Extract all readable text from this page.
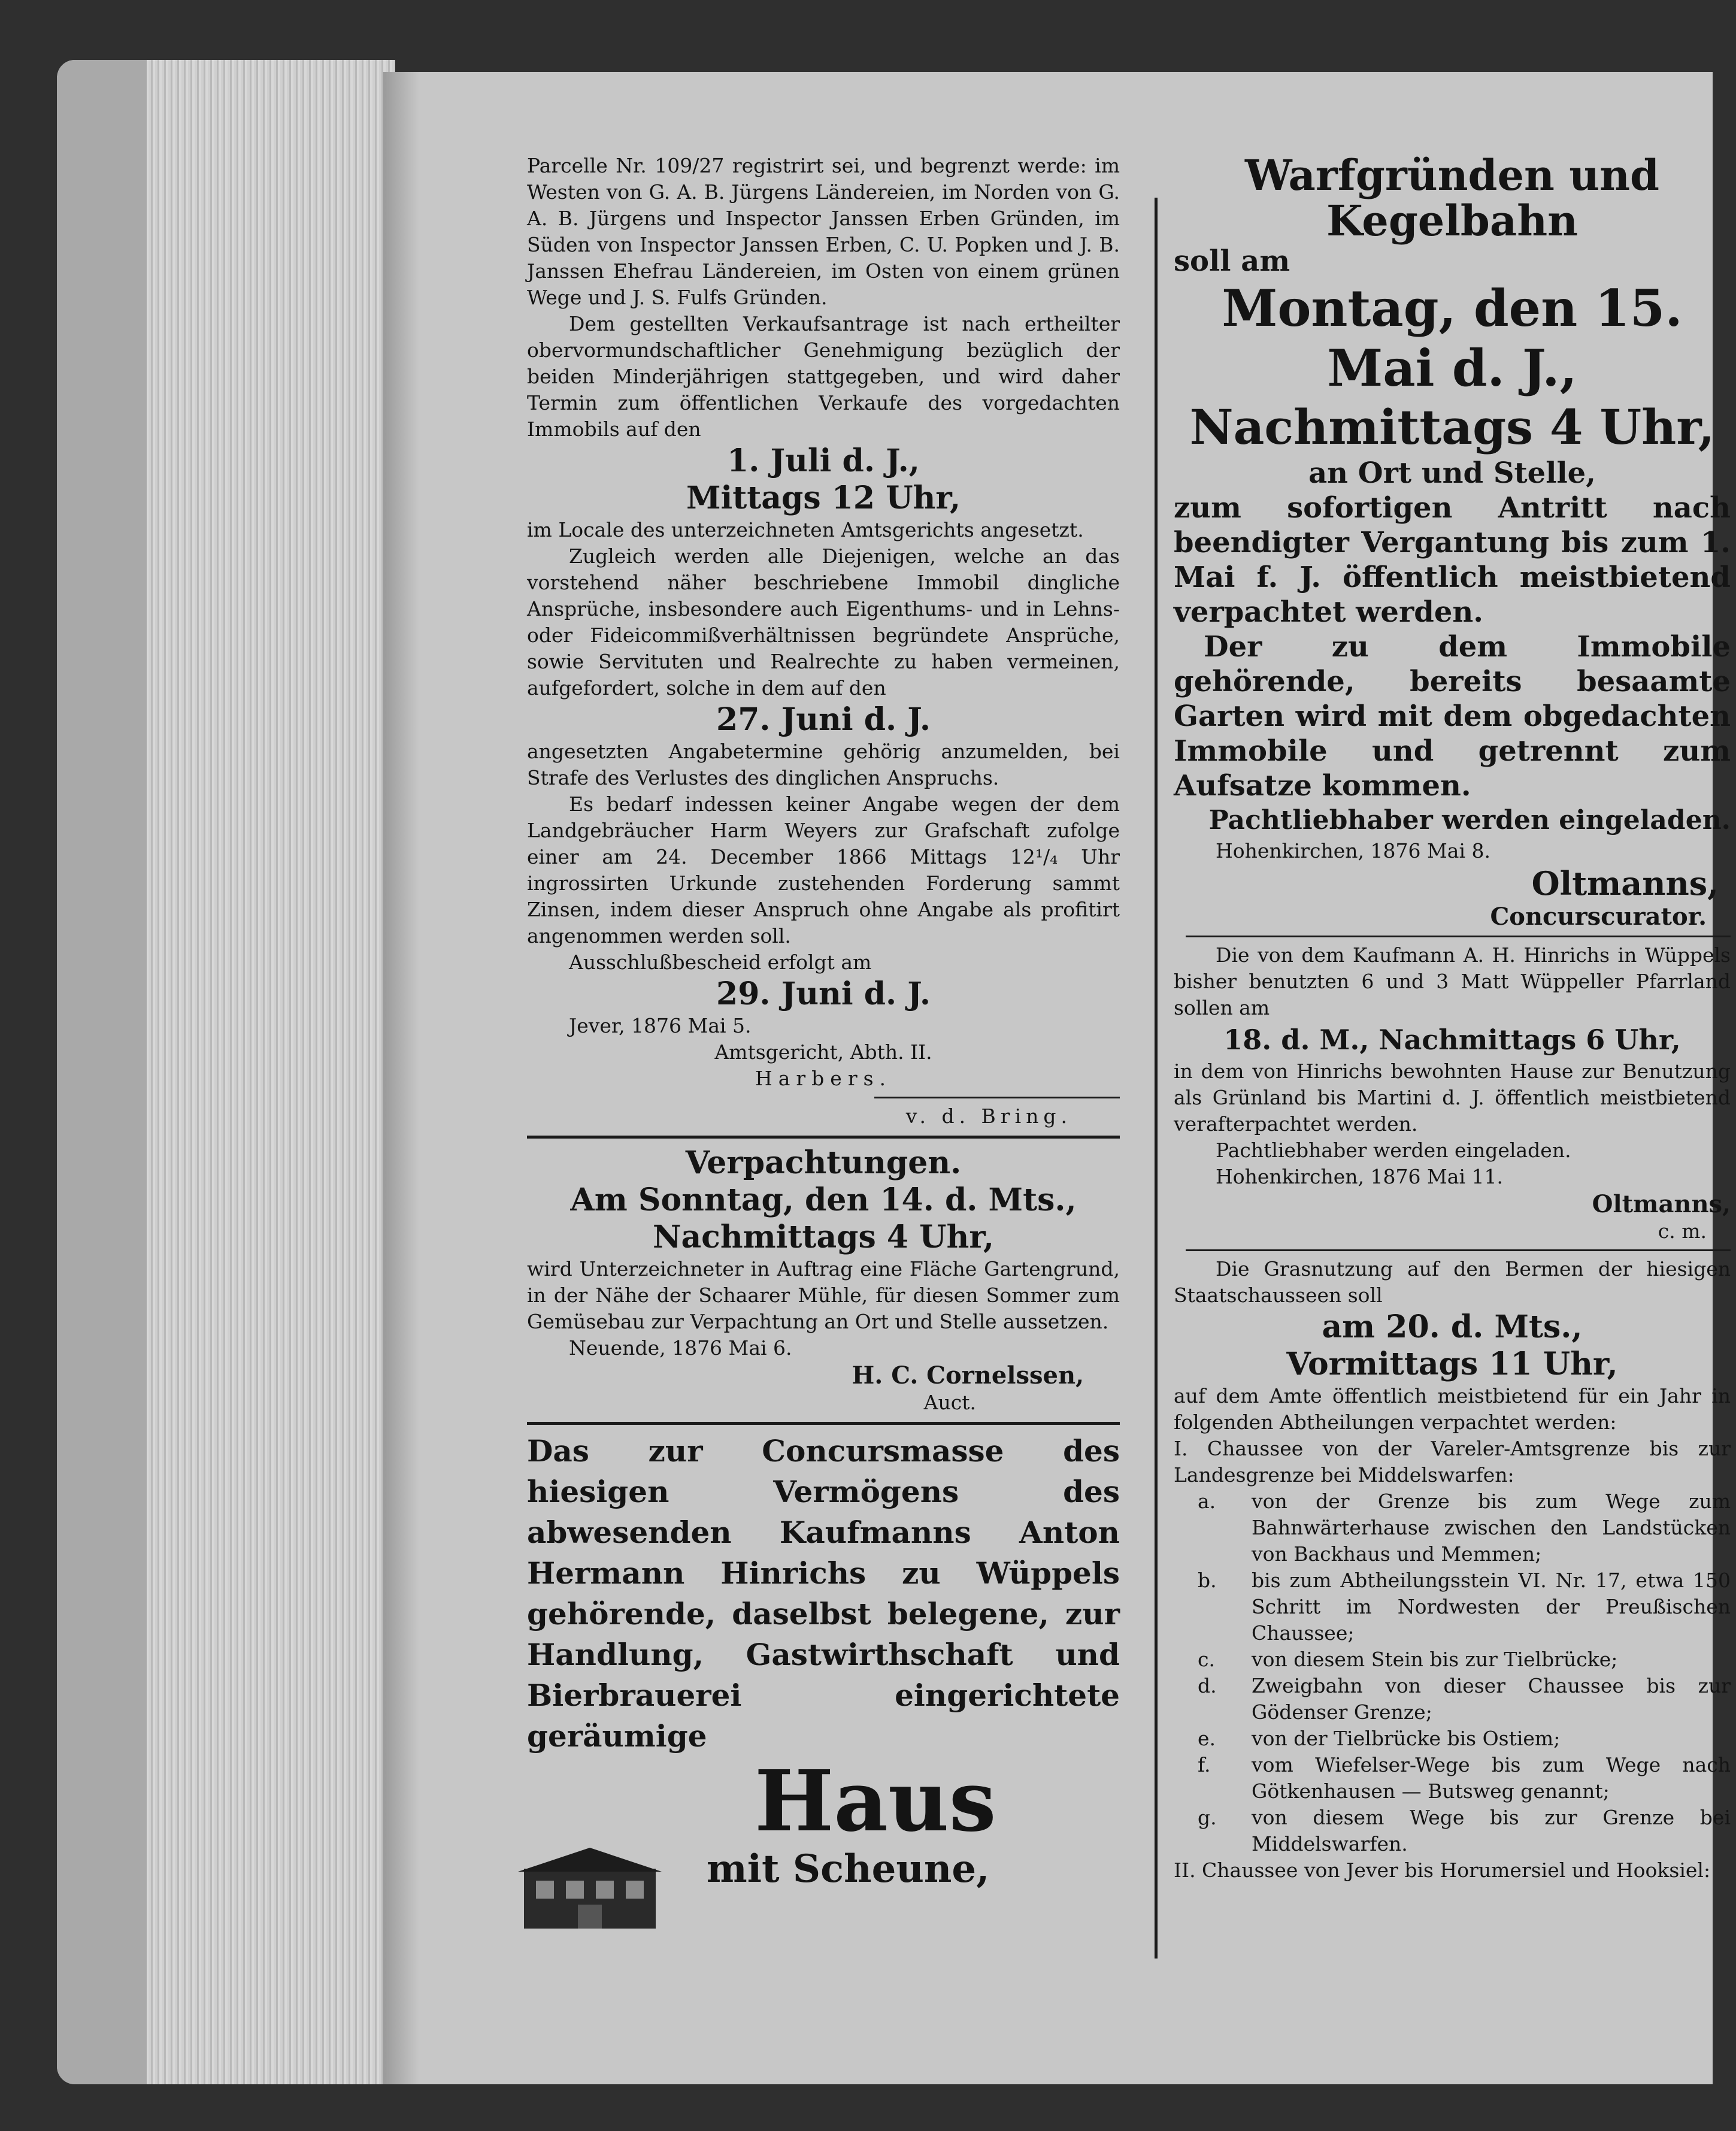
Parcelle Nr. 109/27 registrirt sei, und begrenzt werde: im Westen von G. A. B. Jürgens Ländereien, im Norden von G. A. B. Jürgens und Inspector Janssen Erben Gründen, im Süden von Inspector Janssen Erben, C. U. Popken und J. B. Janssen Ehefrau Ländereien, im Osten von einem grünen Wege und J. S. Fulfs Gründen.

Dem gestellten Verkaufsantrage ist nach ertheilter obervormundschaftlicher Genehmigung bezüglich der beiden Minderjährigen stattgegeben, und wird daher Termin zum öffentlichen Verkaufe des vorgedachten Immobils auf den

1. Juli d. J.,

Mittags 12 Uhr,

im Locale des unterzeichneten Amtsgerichts angesetzt.

Zugleich werden alle Diejenigen, welche an das vorstehend näher beschriebene Immobil dingliche Ansprüche, insbesondere auch Eigenthums- und in Lehns- oder Fideicommißverhältnissen begründete Ansprüche, sowie Servituten und Realrechte zu haben vermeinen, aufgefordert, solche in dem auf den

27. Juni d. J.

angesetzten Angabetermine gehörig anzumelden, bei Strafe des Verlustes des dinglichen Anspruchs.

Es bedarf indessen keiner Angabe wegen der dem Landgebräucher Harm Weyers zur Grafschaft zufolge einer am 24. December 1866 Mittags 12¹/₄ Uhr ingrossirten Urkunde zustehenden Forderung sammt Zinsen, indem dieser Anspruch ohne Angabe als profitirt angenommen werden soll.

Ausschlußbescheid erfolgt am

29. Juni d. J.

Jever, 1876 Mai 5.

Amtsgericht, Abth. II.

Harbers.

v. d. Bring.

Verpachtungen.

Am Sonntag, den 14. d. Mts.,

Nachmittags 4 Uhr,

wird Unterzeichneter in Auftrag eine Fläche Gartengrund, in der Nähe der Schaarer Mühle, für diesen Sommer zum Gemüsebau zur Verpachtung an Ort und Stelle aussetzen.

Neuende, 1876 Mai 6.

H. C. Cornelssen,

Auct.

Das zur Concursmasse des hiesigen Vermögens des abwesenden Kaufmanns Anton Hermann Hinrichs zu Wüppels gehörende, daselbst belegene, zur Handlung, Gastwirthschaft und Bierbrauerei eingerichtete geräumige

Haus

mit Scheune,

Warfgründen und

Kegelbahn

soll am

Montag, den 15. Mai d. J.,

Nachmittags 4 Uhr,

an Ort und Stelle,

zum sofortigen Antritt nach beendigter Vergantung bis zum 1. Mai f. J. öffentlich meistbietend verpachtet werden.

Der zu dem Immobile gehörende, bereits besaamte Garten wird mit dem obgedachten Immobile und getrennt zum Aufsatze kommen.

Pachtliebhaber werden eingeladen.

Hohenkirchen, 1876 Mai 8.

Oltmanns,

Concurscurator.

Die von dem Kaufmann A. H. Hinrichs in Wüppels bisher benutzten 6 und 3 Matt Wüppeller Pfarrland sollen am

18. d. M., Nachmittags 6 Uhr,

in dem von Hinrichs bewohnten Hause zur Benutzung als Grünland bis Martini d. J. öffentlich meistbietend verafterpachtet werden.

Pachtliebhaber werden eingeladen.

Hohenkirchen, 1876 Mai 11.

Oltmanns,

c. m.

Die Grasnutzung auf den Bermen der hiesigen Staatschausseen soll

am 20. d. Mts.,

Vormittags 11 Uhr,

auf dem Amte öffentlich meistbietend für ein Jahr in folgenden Abtheilungen verpachtet werden:

I. Chaussee von der Vareler-Amtsgrenze bis zur Landesgrenze bei Middelswarfen:

a.	von der Grenze bis zum Wege zum Bahnwärterhause zwischen den Landstücken von Backhaus und Memmen;
b.	bis zum Abtheilungsstein VI. Nr. 17, etwa 150 Schritt im Nordwesten der Preußischen Chaussee;
c.	von diesem Stein bis zur Tielbrücke;
d.	Zweigbahn von dieser Chaussee bis zur Gödenser Grenze;
e.	von der Tielbrücke bis Ostiem;
f.	vom Wiefelser-Wege bis zum Wege nach Götkenhausen — Butsweg genannt;
g.	von diesem Wege bis zur Grenze bei Middelswarfen.

II. Chaussee von Jever bis Horumersiel und Hooksiel:
